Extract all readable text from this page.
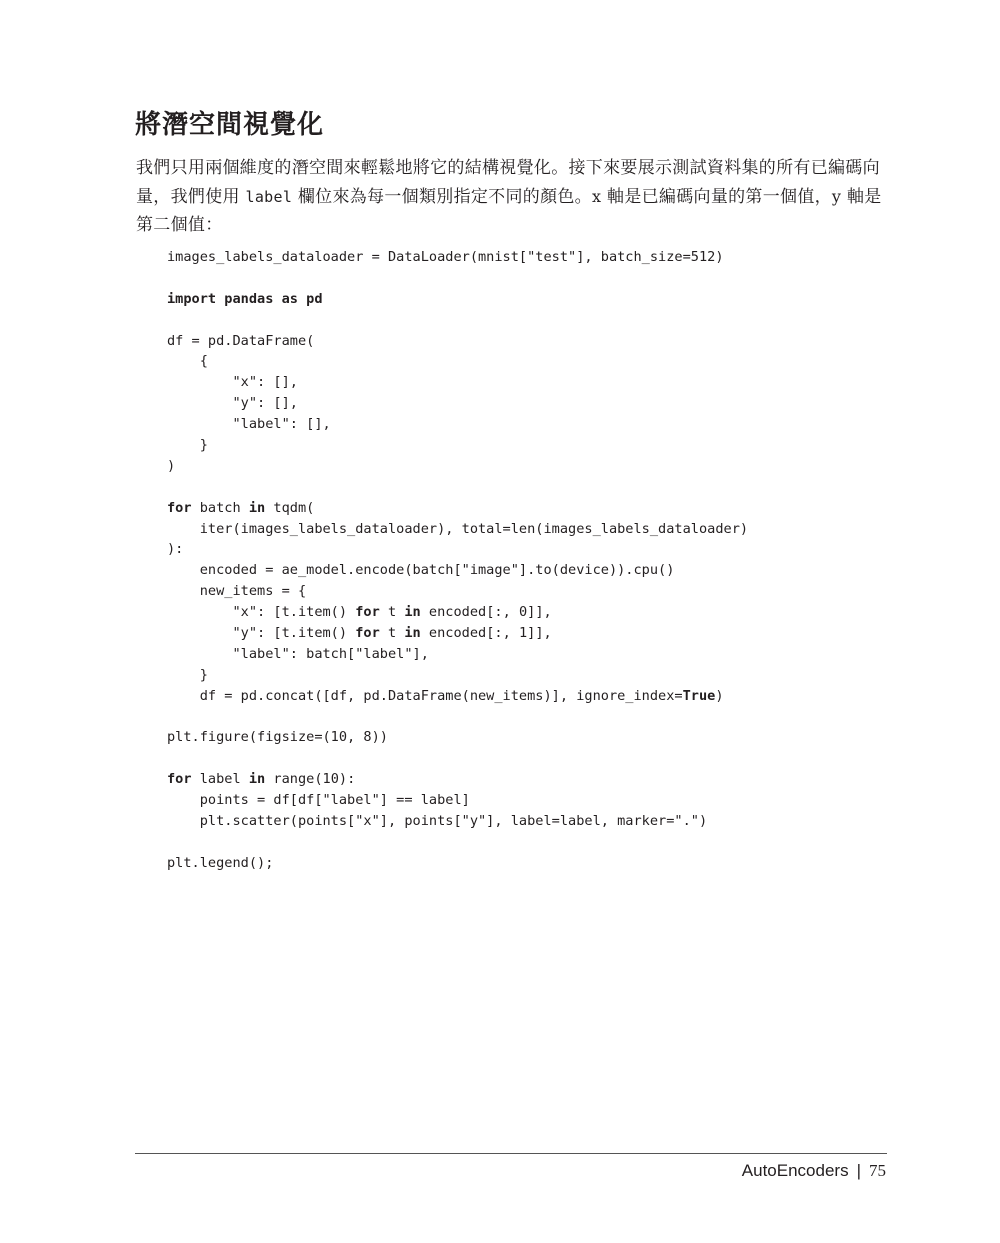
將潛空間視覺化

我們只用兩個維度的潛空間來輕鬆地將它的結構視覺化。接下來要展示測試資料集的所有已編碼向量，我們使用 label 欄位來為每一個類別指定不同的顏色。x 軸是已編碼向量的第一個值，y 軸是第二個值：

images_labels_dataloader = DataLoader(mnist["test"], batch_size=512)
import pandas as pd
df = pd.DataFrame(
{
"x": [],
"y": [],
"label": [],
}
)
for batch in tqdm(
iter(images_labels_dataloader), total=len(images_labels_dataloader)
):
encoded = ae_model.encode(batch["image"].to(device)).cpu()
new_items = {
"x": [t.item() for t in encoded[:, 0]],
"y": [t.item() for t in encoded[:, 1]],
"label": batch["label"],
}
df = pd.concat([df, pd.DataFrame(new_items)], ignore_index=True)
plt.figure(figsize=(10, 8))
for label in range(10):
points = df[df["label"] == label]
plt.scatter(points["x"], points["y"], label=label, marker=".")
plt.legend();
AutoEncoders | 75
